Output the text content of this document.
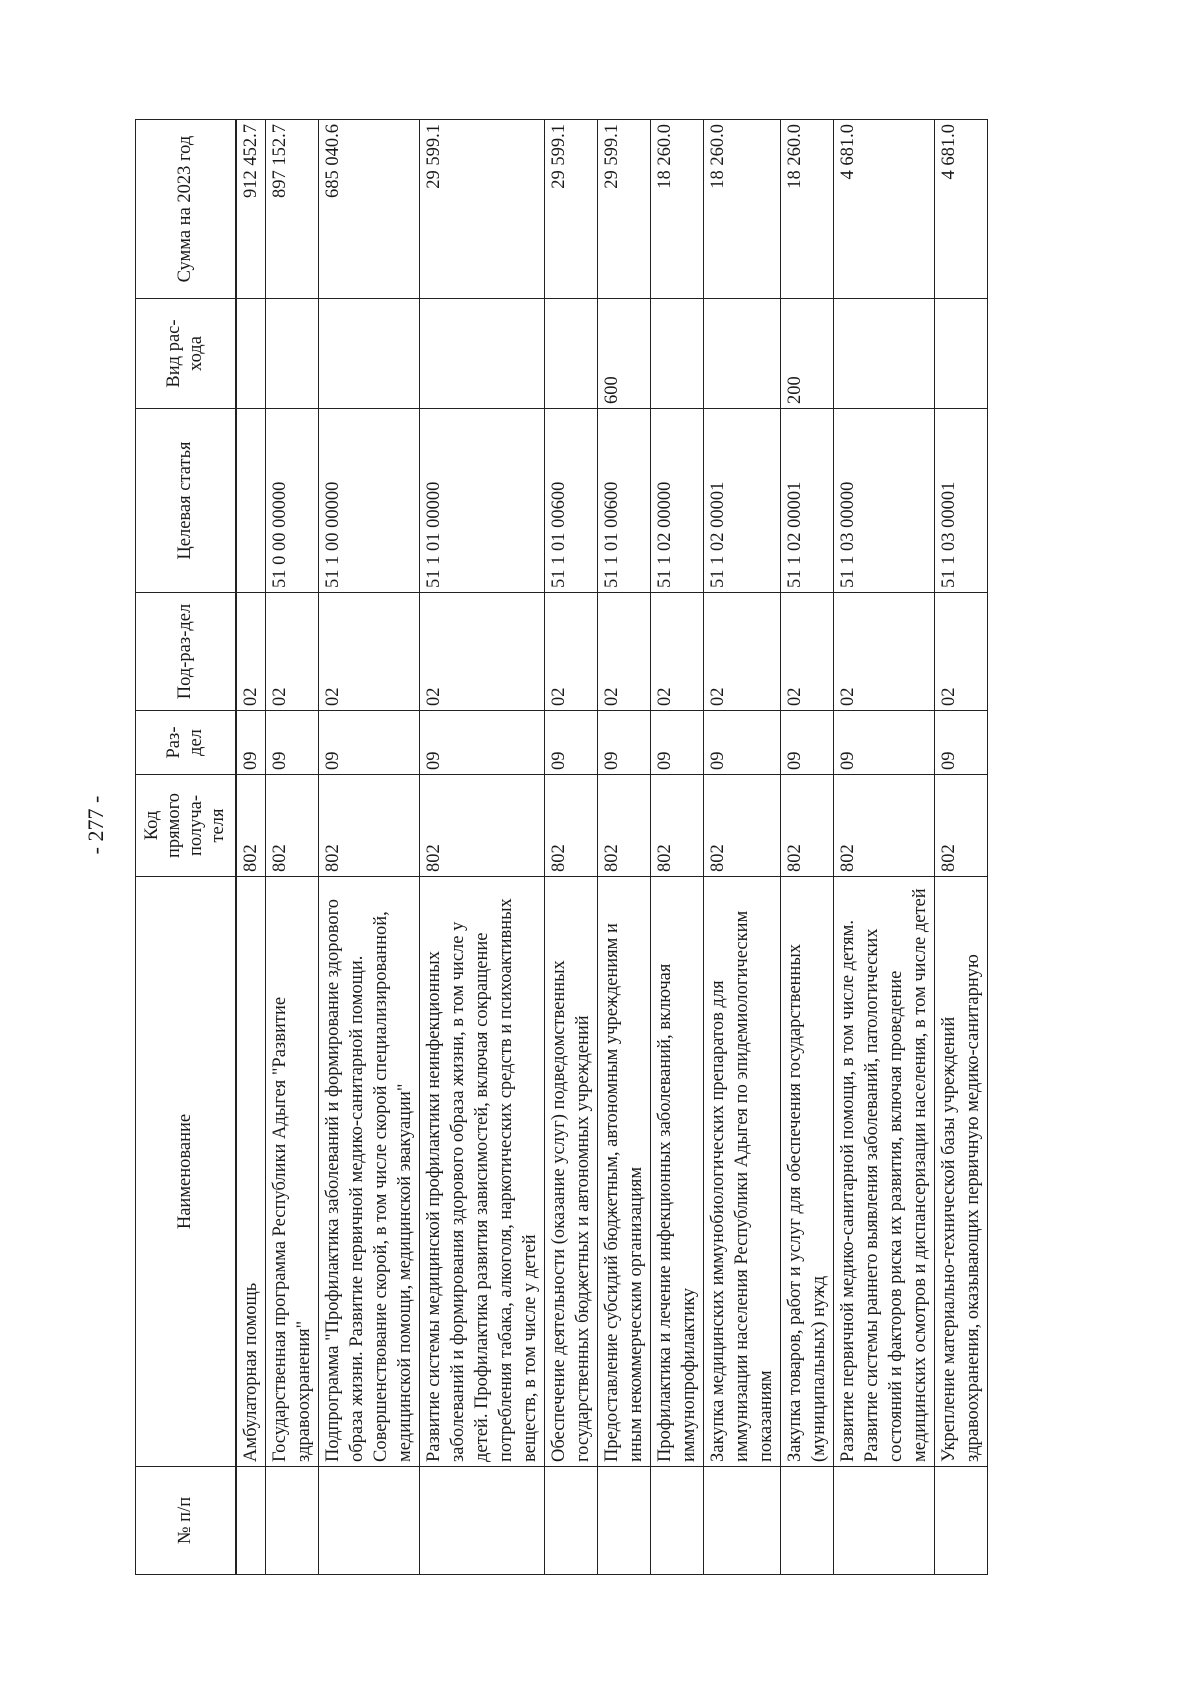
- 277 -
№ п/п	Наименование	Код прямого получа-теля	Раз-дел	Под-раз-дел	Целевая статья	Вид рас-хода	Сумма на 2023 год
	Амбулаторная помощь	802	09	02			912 452.7
	Государственная программа Республики Адыгея "Развитие здравоохранения"	802	09	02	51 0 00 00000		897 152.7
	Подпрограмма "Профилактика заболеваний и формирование здорового образа жизни. Развитие первичной медико-санитарной помощи. Совершенствование скорой, в том числе скорой специализированной, медицинской помощи, медицинской эвакуации"	802	09	02	51 1 00 00000		685 040.6
	Развитие системы медицинской профилактики неинфекционных заболеваний и формирования здорового образа жизни, в том числе у детей. Профилактика развития зависимостей, включая сокращение потребления табака, алкоголя, наркотических средств и психоактивных веществ, в том числе у детей	802	09	02	51 1 01 00000		29 599.1
	Обеспечение деятельности (оказание услуг) подведомственных государственных бюджетных и автономных учреждений	802	09	02	51 1 01 00600		29 599.1
	Предоставление субсидий бюджетным, автономным учреждениям и иным некоммерческим организациям	802	09	02	51 1 01 00600	600	29 599.1
	Профилактика и лечение инфекционных заболеваний, включая иммунопрофилактику	802	09	02	51 1 02 00000		18 260.0
	Закупка медицинских иммунобиологических препаратов для иммунизации населения Республики Адыгея по эпидемиологическим показаниям	802	09	02	51 1 02 00001		18 260.0
	Закупка товаров, работ и услуг для обеспечения государственных (муниципальных) нужд	802	09	02	51 1 02 00001	200	18 260.0
	Развитие первичной медико-санитарной помощи, в том числе детям. Развитие системы раннего выявления заболеваний, патологических состояний и факторов риска их развития, включая проведение медицинских осмотров и диспансеризации населения, в том числе детей	802	09	02	51 1 03 00000		4 681.0
	Укрепление материально-технической базы учреждений здравоохранения, оказывающих первичную медико-санитарную	802	09	02	51 1 03 00001		4 681.0
